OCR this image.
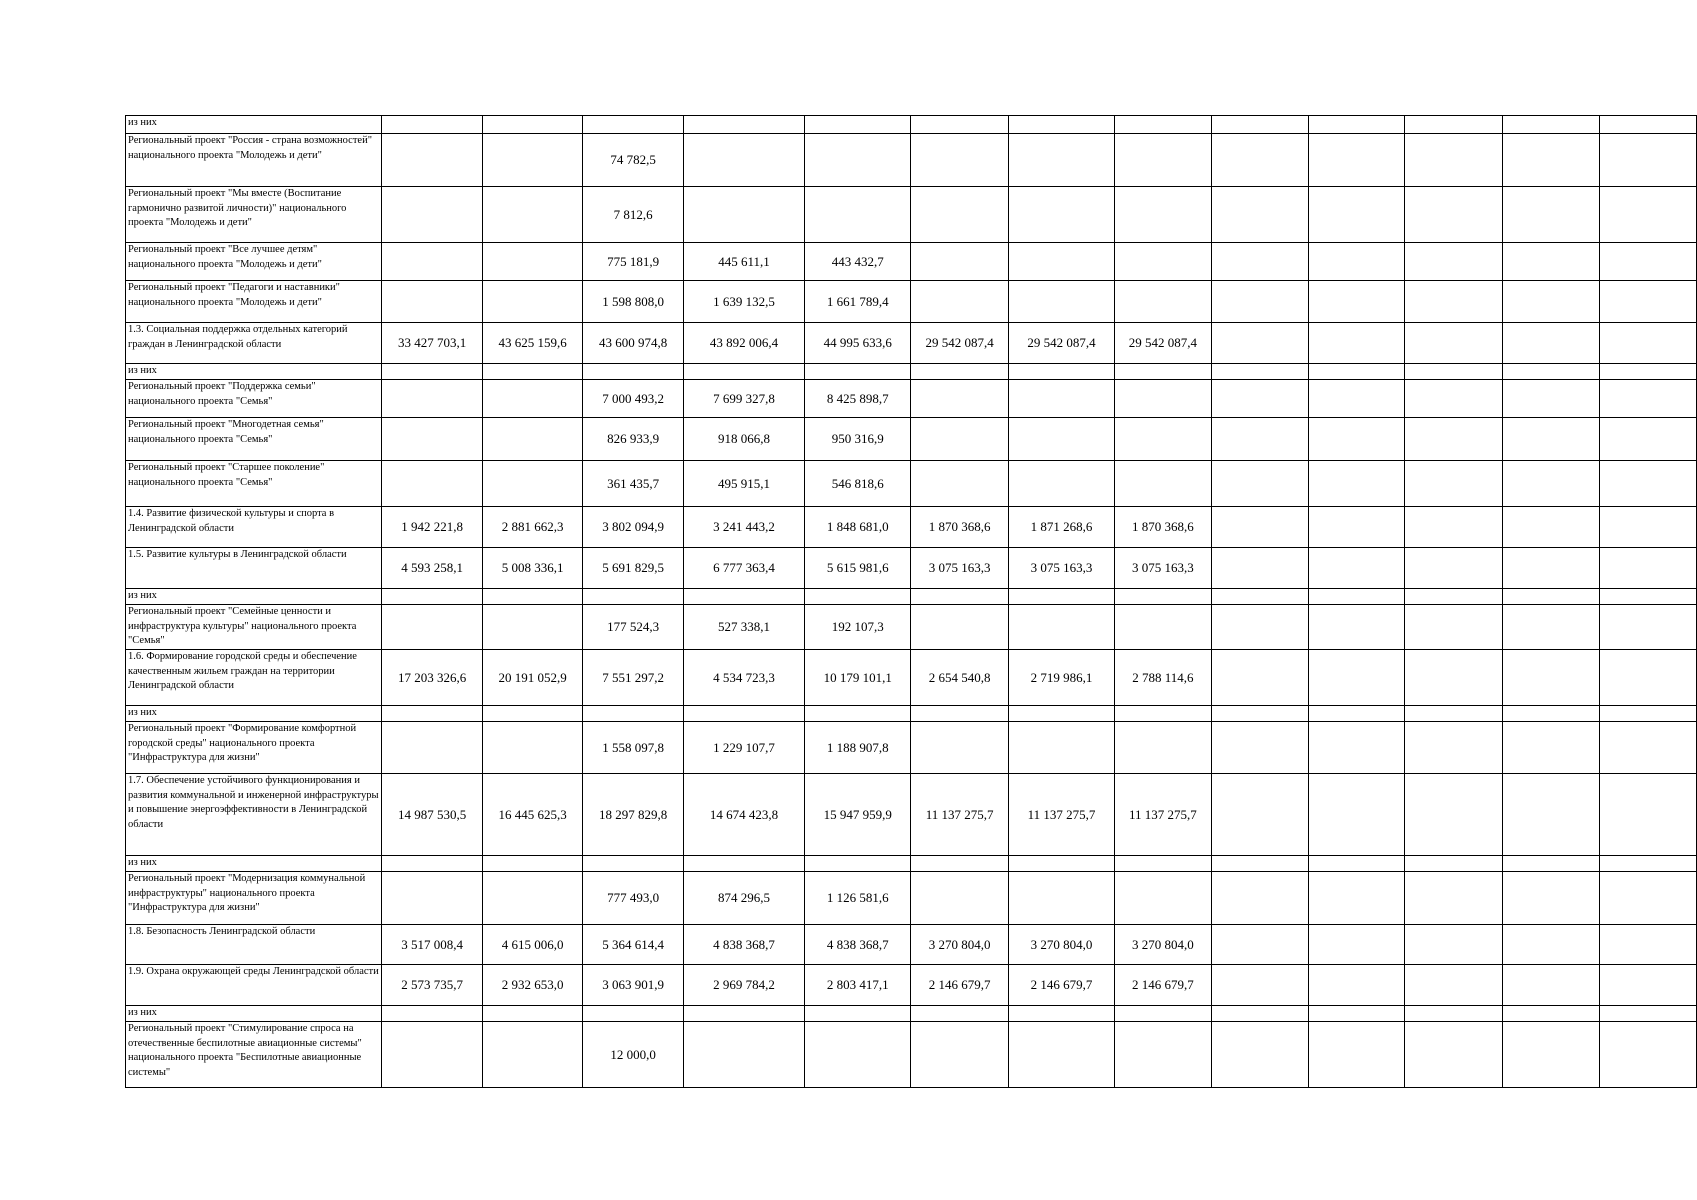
из них													
Региональный проект "Россия - страна возможностей" национального проекта "Молодежь и дети"			74 782,5										
Региональный проект "Мы вместе (Воспитание гармонично развитой личности)" национального проекта "Молодежь и дети"			7 812,6										
Региональный проект "Все лучшее детям" национального проекта "Молодежь и дети"			775 181,9	445 611,1	443 432,7								
Региональный проект "Педагоги и наставники" национального проекта "Молодежь и дети"			1 598 808,0	1 639 132,5	1 661 789,4								
1.3. Социальная поддержка отдельных категорий граждан в Ленинградской области	33 427 703,1	43 625 159,6	43 600 974,8	43 892 006,4	44 995 633,6	29 542 087,4	29 542 087,4	29 542 087,4					
из них													
Региональный проект "Поддержка семьи" национального проекта "Семья"			7 000 493,2	7 699 327,8	8 425 898,7								
Региональный проект "Многодетная семья" национального проекта "Семья"			826 933,9	918 066,8	950 316,9								
Региональный проект "Старшее поколение" национального проекта "Семья"			361 435,7	495 915,1	546 818,6								
1.4. Развитие физической культуры и спорта в Ленинградской области	1 942 221,8	2 881 662,3	3 802 094,9	3 241 443,2	1 848 681,0	1 870 368,6	1 871 268,6	1 870 368,6					
1.5. Развитие культуры в Ленинградской области	4 593 258,1	5 008 336,1	5 691 829,5	6 777 363,4	5 615 981,6	3 075 163,3	3 075 163,3	3 075 163,3					
из них													
Региональный проект "Семейные ценности и инфраструктура культуры" национального проекта "Семья"			177 524,3	527 338,1	192 107,3								
1.6. Формирование городской среды и обеспечение качественным жильем граждан на территории Ленинградской области	17 203 326,6	20 191 052,9	7 551 297,2	4 534 723,3	10 179 101,1	2 654 540,8	2 719 986,1	2 788 114,6					
из них													
Региональный проект "Формирование комфортной городской среды" национального проекта "Инфраструктура для жизни"			1 558 097,8	1 229 107,7	1 188 907,8								
1.7. Обеспечение устойчивого функционирования и развития коммунальной и инженерной инфраструктуры и повышение энергоэффективности в Ленинградской области	14 987 530,5	16 445 625,3	18 297 829,8	14 674 423,8	15 947 959,9	11 137 275,7	11 137 275,7	11 137 275,7					
из них													
Региональный проект "Модернизация коммунальной инфраструктуры" национального проекта "Инфраструктура для жизни"			777 493,0	874 296,5	1 126 581,6								
1.8. Безопасность Ленинградской области	3 517 008,4	4 615 006,0	5 364 614,4	4 838 368,7	4 838 368,7	3 270 804,0	3 270 804,0	3 270 804,0					
1.9. Охрана окружающей среды Ленинградской области	2 573 735,7	2 932 653,0	3 063 901,9	2 969 784,2	2 803 417,1	2 146 679,7	2 146 679,7	2 146 679,7					
из них													
Региональный проект "Стимулирование спроса на отечественные беспилотные авиационные системы" национального проекта "Беспилотные авиационные системы"			12 000,0										
